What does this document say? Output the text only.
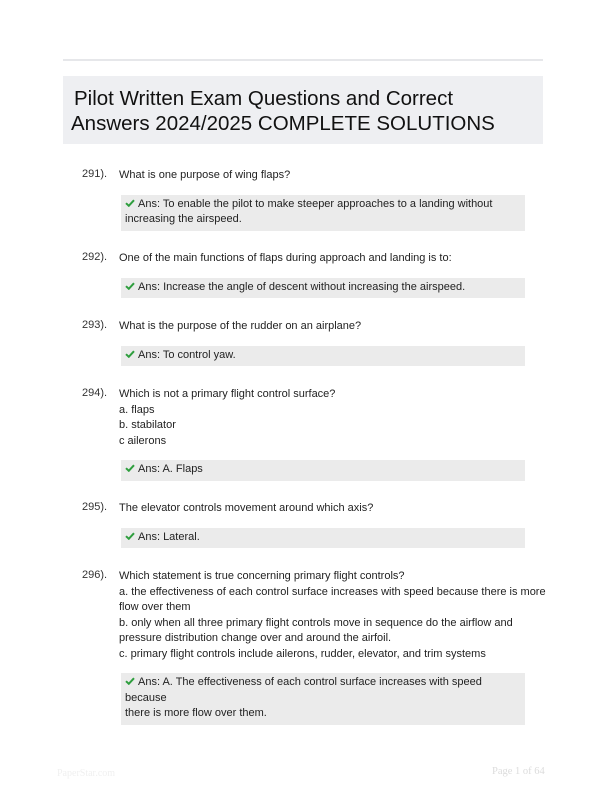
Pilot Written Exam Questions and Correct
Answers 2024/2025 COMPLETE SOLUTIONS
291). What is one purpose of wing flaps?
Ans: To enable the pilot to make steeper approaches to a landing without
increasing the airspeed.
292). One of the main functions of flaps during approach and landing is to:
Ans: Increase the angle of descent without increasing the airspeed.
293). What is the purpose of the rudder on an airplane?
Ans: To control yaw.
294). Which is not a primary flight control surface?
a. flaps
b. stabilator
c ailerons
Ans: A. Flaps
295). The elevator controls movement around which axis?
Ans: Lateral.
296). Which statement is true concerning primary flight controls?
a. the effectiveness of each control surface increases with speed because there is more
flow over them
b. only when all three primary flight controls move in sequence do the airflow and
pressure distribution change over and around the airfoil.
c. primary flight controls include ailerons, rudder, elevator, and trim systems
Ans: A. The effectiveness of each control surface increases with speed because
there is more flow over them.
PaperStar.com	Page 1 of 64
